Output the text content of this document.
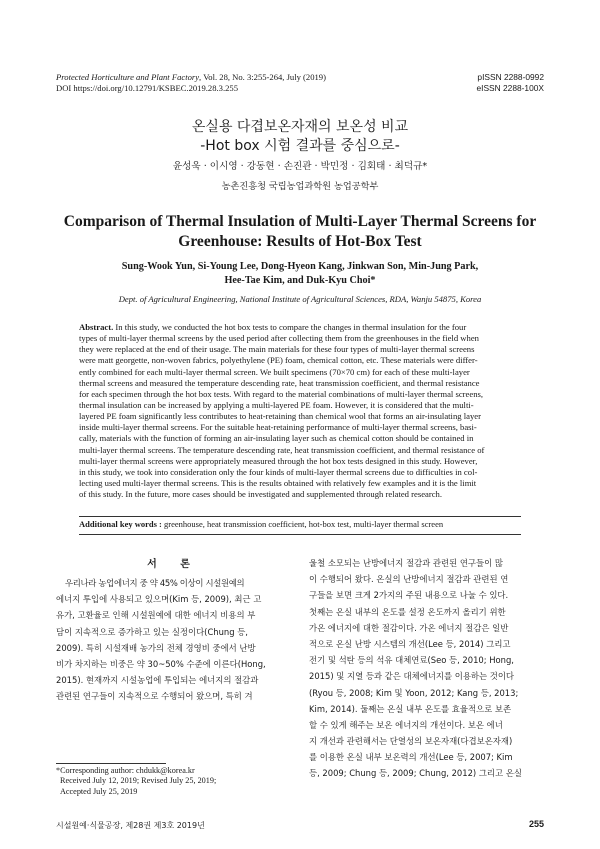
Protected Horticulture and Plant Factory, Vol. 28, No. 3:255-264, July (2019)
DOI https://doi.org/10.12791/KSBEC.2019.28.3.255
pISSN 2288-0992
eISSN 2288-100X
온실용 다겹보온자재의 보온성 비교
-Hot box 시험 결과를 중심으로-
윤성욱 · 이시영 · 강동현 · 손진관 · 박민정 · 김회태 · 최덕규*
농촌진흥청 국립농업과학원 농업공학부
Comparison of Thermal Insulation of Multi-Layer Thermal Screens for
Greenhouse: Results of Hot-Box Test
Sung-Wook Yun, Si-Young Lee, Dong-Hyeon Kang, Jinkwan Son, Min-Jung Park,
Hee-Tae Kim, and Duk-Kyu Choi*
Dept. of Agricultural Engineering, National Institute of Agricultural Sciences, RDA, Wanju 54875, Korea
Abstract. In this study, we conducted the hot box tests to compare the changes in thermal insulation for the four
types of multi-layer thermal screens by the used period after collecting them from the greenhouses in the field when
they were replaced at the end of their usage. The main materials for these four types of multi-layer thermal screens
were matt georgette, non-woven fabrics, polyethylene (PE) foam, chemical cotton, etc. These materials were differ-
ently combined for each multi-layer thermal screen. We built specimens (70×70 cm) for each of these multi-layer
thermal screens and measured the temperature descending rate, heat transmission coefficient, and thermal resistance
for each specimen through the hot box tests. With regard to the material combinations of multi-layer thermal screens,
thermal insulation can be increased by applying a multi-layered PE foam. However, it is considered that the multi-
layered PE foam significantly less contributes to heat-retaining than chemical wool that forms an air-insulating layer
inside multi-layer thermal screens. For the suitable heat-retaining performance of multi-layer thermal screens, basi-
cally, materials with the function of forming an air-insulating layer such as chemical cotton should be contained in
multi-layer thermal screens. The temperature descending rate, heat transmission coefficient, and thermal resistance of
multi-layer thermal screens were appropriately measured through the hot box tests designed in this study. However,
in this study, we took into consideration only the four kinds of multi-layer thermal screens due to difficulties in col-
lecting used multi-layer thermal screens. This is the results obtained with relatively few examples and it is the limit
of this study. In the future, more cases should be investigated and supplemented through related research.
Additional key words : greenhouse, heat transmission coefficient, hot-box test, multi-layer thermal screen
서 론
우리나라 농업에너지 중 약 45% 이상이 시설원예의
에너지 투입에 사용되고 있으며(Kim 등, 2009), 최근 고
유가, 고환율로 인해 시설원예에 대한 에너지 비용의 부
담이 지속적으로 증가하고 있는 실정이다(Chung 등,
2009). 특히 시설재배 농가의 전체 경영비 중에서 난방
비가 차지하는 비중은 약 30~50% 수준에 이른다(Hong,
2015). 현재까지 시설농업에 투입되는 에너지의 절감과
관련된 연구들이 지속적으로 수행되어 왔으며, 특히 겨
울철 소모되는 난방에너지 절감과 관련된 연구들이 많
이 수행되어 왔다. 온실의 난방에너지 절감과 관련된 연
구들을 보면 크게 2가지의 주된 내용으로 나눌 수 있다.
첫째는 온실 내부의 온도를 설정 온도까지 올리기 위한
가온 에너지에 대한 절감이다. 가온 에너지 절감은 일반
적으로 온실 난방 시스템의 개선(Lee 등, 2014) 그리고
전기 및 석탄 등의 석유 대체연료(Seo 등, 2010; Hong,
2015) 및 지열 등과 같은 대체에너지를 이용하는 것이다
(Ryou 등, 2008; Kim 및 Yoon, 2012; Kang 등, 2013;
Kim, 2014). 둘째는 온실 내부 온도를 효율적으로 보존
할 수 있게 해주는 보온 에너지의 개선이다. 보온 에너
지 개선과 관련해서는 단열성의 보온자재(다겹보온자재)
를 이용한 온실 내부 보온력의 개선(Lee 등, 2007; Kim
등, 2009; Chung 등, 2009; Chung, 2012) 그리고 온실
*Corresponding author: chdukk@korea.kr
Received July 12, 2019; Revised July 25, 2019;
Accepted July 25, 2019
시설원예·식물공장, 제28권 제3호 2019년	255
